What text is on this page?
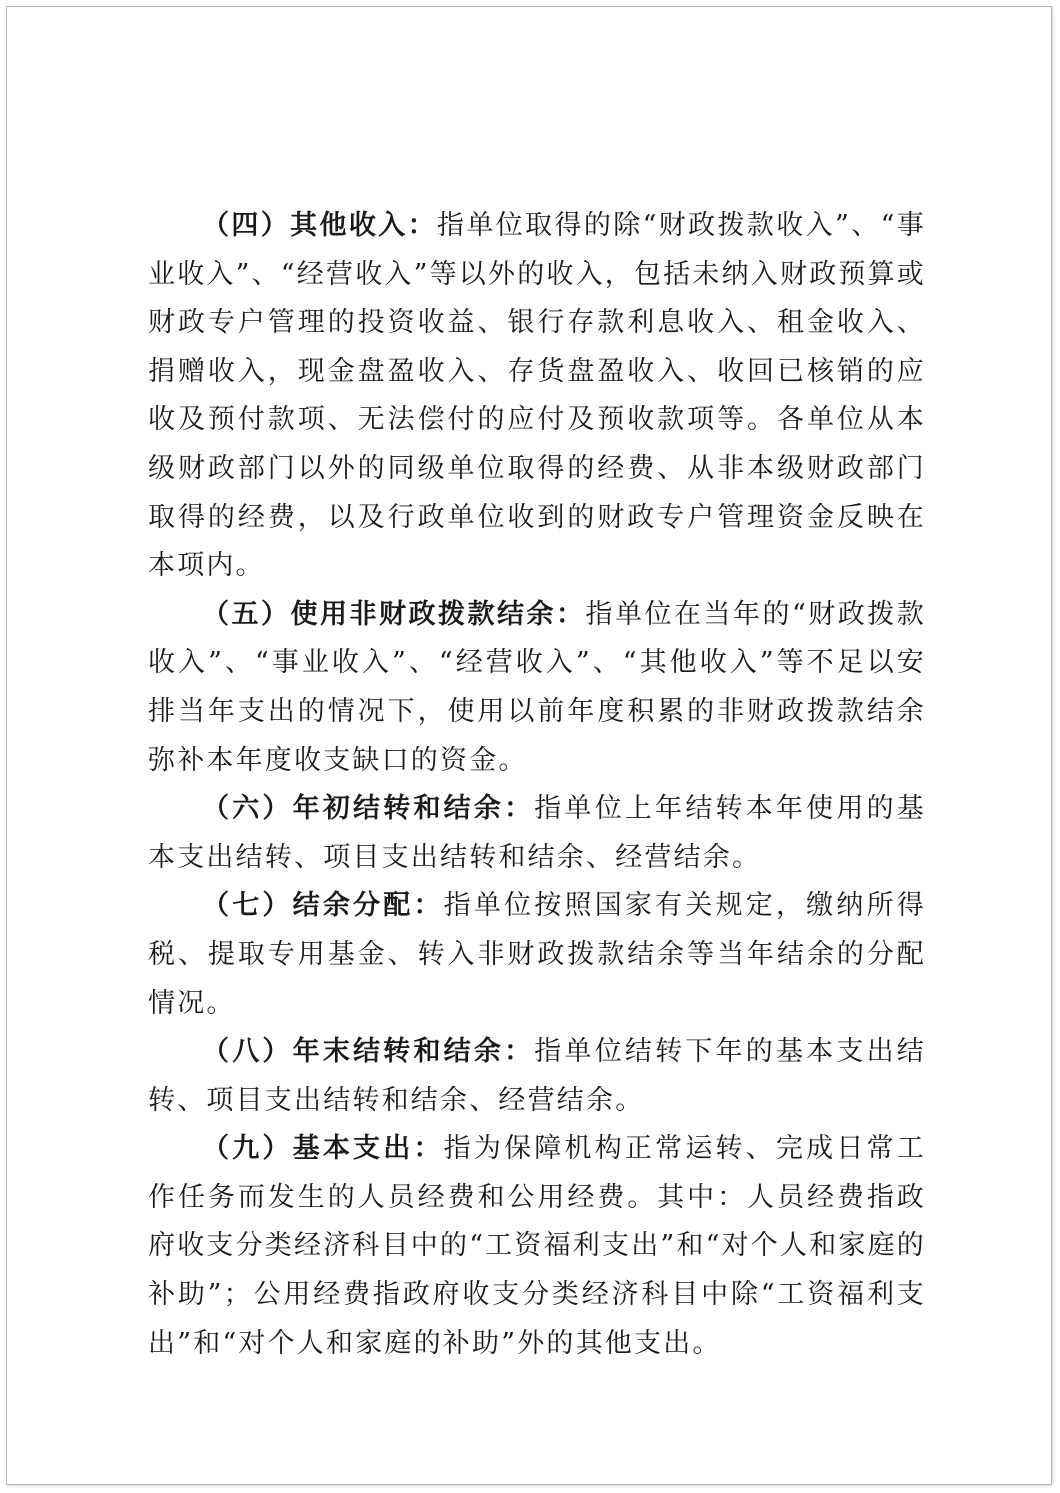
（四）其他收入：指单位取得的除“财政拨款收入”、“事业收入”、“经营收入”等以外的收入，包括未纳入财政预算或财政专户管理的投资收益、银行存款利息收入、租金收入、捐赠收入，现金盘盈收入、存货盘盈收入、收回已核销的应收及预付款项、无法偿付的应付及预收款项等。各单位从本级财政部门以外的同级单位取得的经费、从非本级财政部门取得的经费，以及行政单位收到的财政专户管理资金反映在本项内。

（五）使用非财政拨款结余：指单位在当年的“财政拨款收入”、“事业收入”、“经营收入”、“其他收入”等不足以安排当年支出的情况下，使用以前年度积累的非财政拨款结余弥补本年度收支缺口的资金。

（六）年初结转和结余：指单位上年结转本年使用的基本支出结转、项目支出结转和结余、经营结余。

（七）结余分配：指单位按照国家有关规定，缴纳所得税、提取专用基金、转入非财政拨款结余等当年结余的分配情况。

（八）年末结转和结余：指单位结转下年的基本支出结转、项目支出结转和结余、经营结余。

（九）基本支出：指为保障机构正常运转、完成日常工作任务而发生的人员经费和公用经费。其中：人员经费指政府收支分类经济科目中的“工资福利支出”和“对个人和家庭的补助”；公用经费指政府收支分类经济科目中除“工资福利支出”和“对个人和家庭的补助”外的其他支出。
